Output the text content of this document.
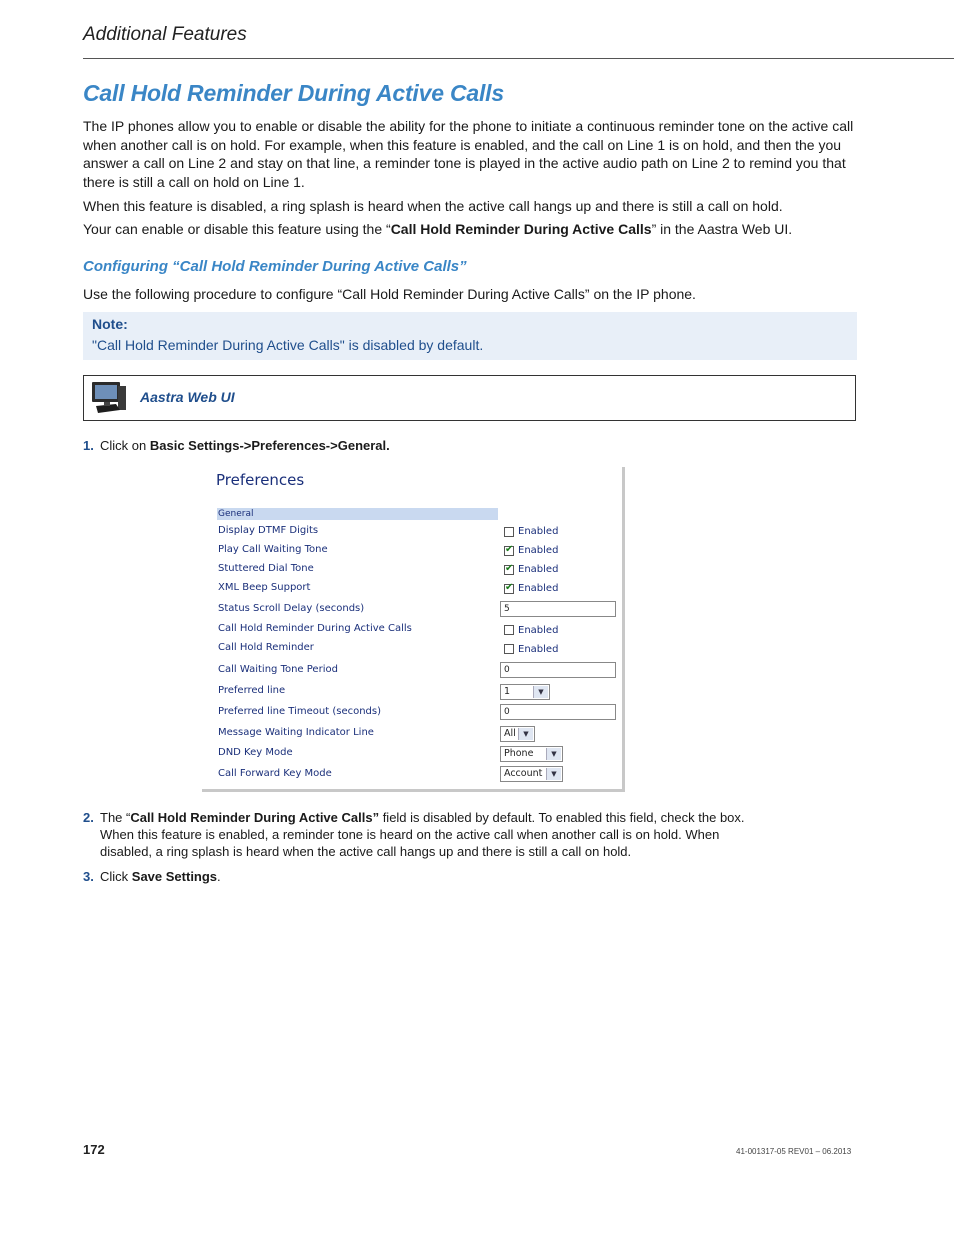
Additional Features
Call Hold Reminder During Active Calls
The IP phones allow you to enable or disable the ability for the phone to initiate a continuous reminder tone on the active call when another call is on hold. For example, when this feature is enabled, and the call on Line 1 is on hold, and then the you answer a call on Line 2 and stay on that line, a reminder tone is played in the active audio path on Line 2 to remind you that there is still a call on hold on Line 1.
When this feature is disabled, a ring splash is heard when the active call hangs up and there is still a call on hold.
Your can enable or disable this feature using the “Call Hold Reminder During Active Calls” in the Aastra Web UI.
Configuring “Call Hold Reminder During Active Calls”
Use the following procedure to configure “Call Hold Reminder During Active Calls” on the IP phone.
Note:
"Call Hold Reminder During Active Calls" is disabled by default.
Aastra Web UI
1. Click on Basic Settings->Preferences->General.
Preferences
General
Display DTMF Digits	Enabled
Play Call Waiting Tone	✔ Enabled
Stuttered Dial Tone	✔ Enabled
XML Beep Support	✔ Enabled
Status Scroll Delay (seconds)	5
Call Hold Reminder During Active Calls	Enabled
Call Hold Reminder	Enabled
Call Waiting Tone Period	0
Preferred line	1	▼
Preferred line Timeout (seconds)	0
Message Waiting Indicator Line	All	▼
DND Key Mode	Phone	▼
Call Forward Key Mode	Account	▼
2. The “Call Hold Reminder During Active Calls” field is disabled by default. To enabled this field, check the box. When this feature is enabled, a reminder tone is heard on the active call when another call is on hold. When disabled, a ring splash is heard when the active call hangs up and there is still a call on hold.
3. Click Save Settings.
172	41-001317-05 REV01 – 06.2013
